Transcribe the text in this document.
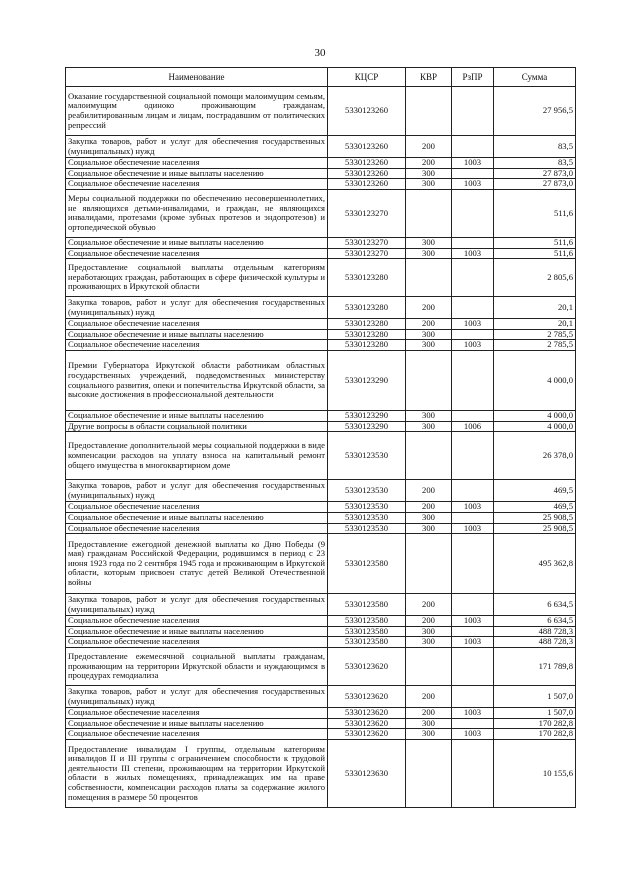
30
Наименование	КЦСР	КВР	РзПР	Сумма
Оказание государственной социальной помощи малоимущим семьям, малоимущим одиноко проживающим гражданам, реабилитированным лицам и лицам, пострадавшим от политических репрессий	5330123260			27 956,5
Закупка товаров, работ и услуг для обеспечения государственных (муниципальных) нужд	5330123260	200		83,5
Социальное обеспечение населения	5330123260	200	1003	83,5
Социальное обеспечение и иные выплаты населению	5330123260	300		27 873,0
Социальное обеспечение населения	5330123260	300	1003	27 873,0
Меры социальной поддержки по обеспечению несовершеннолетних, не являющихся детьми-инвалидами, и граждан, не являющихся инвалидами, протезами (кроме зубных протезов и эндопротезов) и ортопедической обувью	5330123270			511,6
Социальное обеспечение и иные выплаты населению	5330123270	300		511,6
Социальное обеспечение населения	5330123270	300	1003	511,6
Предоставление социальной выплаты отдельным категориям неработающих граждан, работающих в сфере физической культуры и проживающих в Иркутской области	5330123280			2 805,6
Закупка товаров, работ и услуг для обеспечения государственных (муниципальных) нужд	5330123280	200		20,1
Социальное обеспечение населения	5330123280	200	1003	20,1
Социальное обеспечение и иные выплаты населению	5330123280	300		2 785,5
Социальное обеспечение населения	5330123280	300	1003	2 785,5
Премии Губернатора Иркутской области работникам областных государственных учреждений, подведомственных министерству социального развития, опеки и попечительства Иркутской области, за высокие достижения в профессиональной деятельности	5330123290			4 000,0
Социальное обеспечение и иные выплаты населению	5330123290	300		4 000,0
Другие вопросы в области социальной политики	5330123290	300	1006	4 000,0
Предоставление дополнительной меры социальной поддержки в виде компенсации расходов на уплату взноса на капитальный ремонт общего имущества в многоквартирном доме	5330123530			26 378,0
Закупка товаров, работ и услуг для обеспечения государственных (муниципальных) нужд	5330123530	200		469,5
Социальное обеспечение населения	5330123530	200	1003	469,5
Социальное обеспечение и иные выплаты населению	5330123530	300		25 908,5
Социальное обеспечение населения	5330123530	300	1003	25 908,5
Предоставление ежегодной денежной выплаты ко Дню Победы (9 мая) гражданам Российской Федерации, родившимся в период с 23 июня 1923 года по 2 сентября 1945 года и проживающим в Иркутской области, которым присвоен статус детей Великой Отечественной войны	5330123580			495 362,8
Закупка товаров, работ и услуг для обеспечения государственных (муниципальных) нужд	5330123580	200		6 634,5
Социальное обеспечение населения	5330123580	200	1003	6 634,5
Социальное обеспечение и иные выплаты населению	5330123580	300		488 728,3
Социальное обеспечение населения	5330123580	300	1003	488 728,3
Предоставление ежемесячной социальной выплаты гражданам, проживающим на территории Иркутской области и нуждающимся в процедурах гемодиализа	5330123620			171 789,8
Закупка товаров, работ и услуг для обеспечения государственных (муниципальных) нужд	5330123620	200		1 507,0
Социальное обеспечение населения	5330123620	200	1003	1 507,0
Социальное обеспечение и иные выплаты населению	5330123620	300		170 282,8
Социальное обеспечение населения	5330123620	300	1003	170 282,8
Предоставление инвалидам I группы, отдельным категориям инвалидов II и III группы с ограничением способности к трудовой деятельности III степени, проживающим на территории Иркутской области в жилых помещениях, принадлежащих им на праве собственности, компенсации расходов платы за содержание жилого помещения в размере 50 процентов	5330123630			10 155,6
